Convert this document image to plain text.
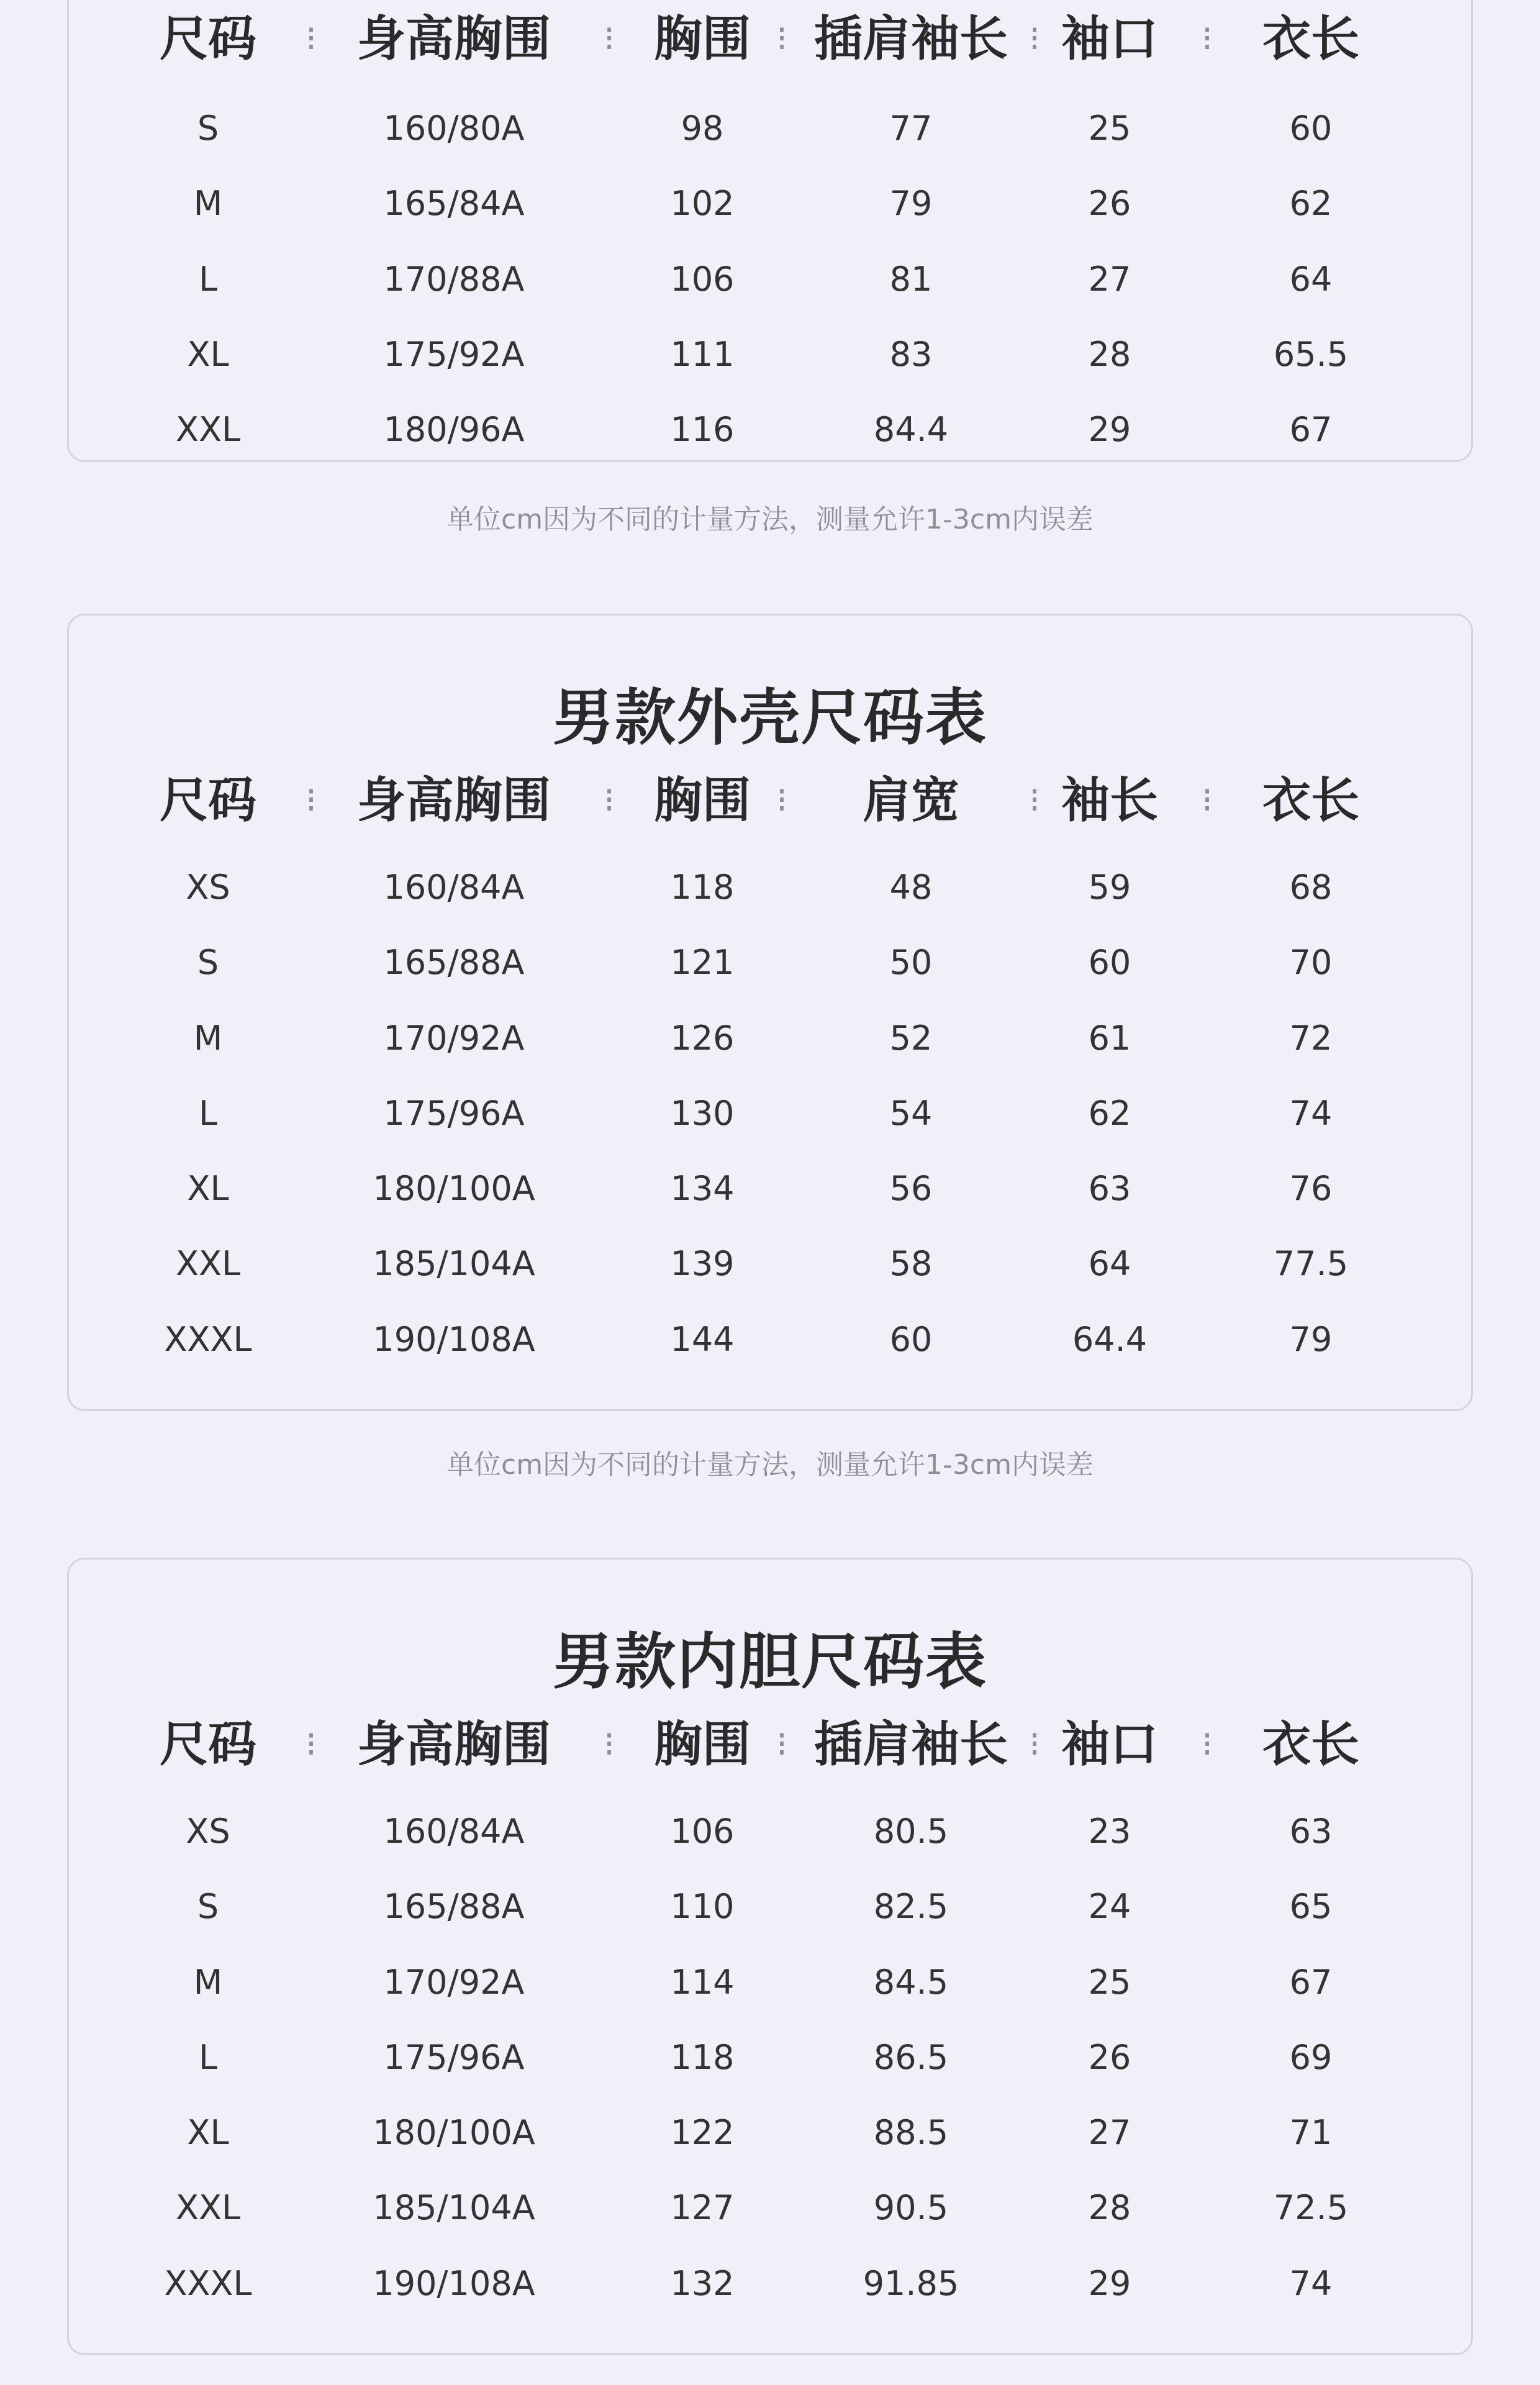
尺码 ⁝ 身高胸围 ⁝ 胸围 ⁝ 插肩袖长 ⁝ 袖口 ⁝ 衣长
S	160/80A	98	77	25	60
M	165/84A	102	79	26	62
L	170/88A	106	81	27	64
XL	175/92A	111	83	28	65.5
XXL	180/96A	116	84.4	29	67
单位cm因为不同的计量方法，测量允许1-3cm内误差
男款外壳尺码表
尺码 ⁝ 身高胸围 ⁝ 胸围 ⁝ 肩宽 ⁝ 袖长 ⁝ 衣长
XS	160/84A	118	48	59	68
S	165/88A	121	50	60	70
M	170/92A	126	52	61	72
L	175/96A	130	54	62	74
XL	180/100A	134	56	63	76
XXL	185/104A	139	58	64	77.5
XXXL	190/108A	144	60	64.4	79
单位cm因为不同的计量方法，测量允许1-3cm内误差
男款内胆尺码表
尺码 ⁝ 身高胸围 ⁝ 胸围 ⁝ 插肩袖长 ⁝ 袖口 ⁝ 衣长
XS	160/84A	106	80.5	23	63
S	165/88A	110	82.5	24	65
M	170/92A	114	84.5	25	67
L	175/96A	118	86.5	26	69
XL	180/100A	122	88.5	27	71
XXL	185/104A	127	90.5	28	72.5
XXXL	190/108A	132	91.85	29	74
